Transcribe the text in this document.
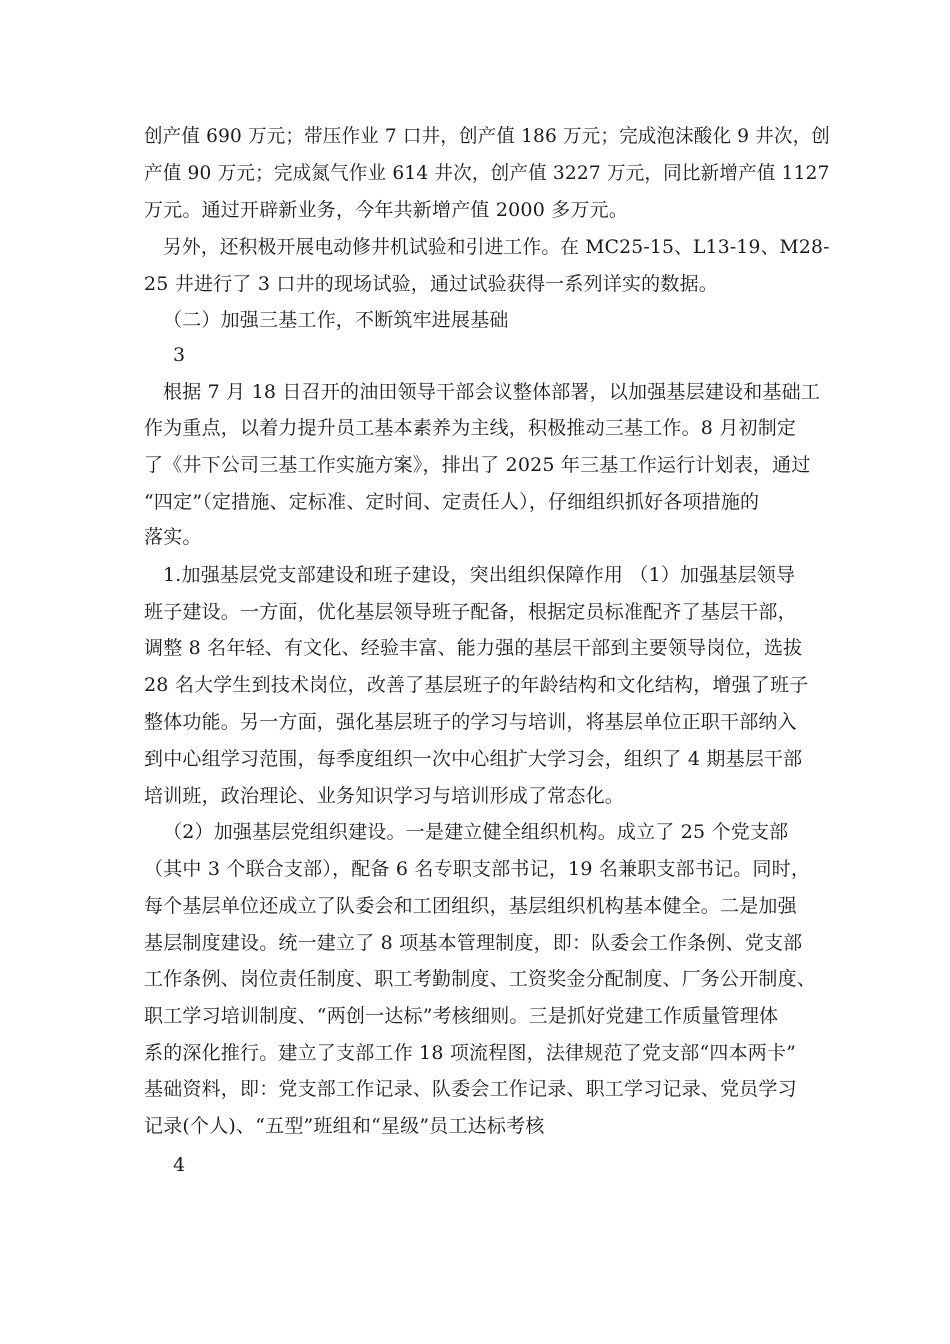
创产值 690 万元；带压作业 7 口井，创产值 186 万元；完成泡沫酸化 9 井次，创
产值 90 万元；完成氮气作业 614 井次，创产值 3227 万元，同比新增产值 1127
万元。通过开辟新业务，今年共新增产值 2000 多万元。
另外，还积极开展电动修井机试验和引进工作。在 MC25-15、L13-19、M28-
25 井进行了 3 口井的现场试验，通过试验获得一系列详实的数据。
（二）加强三基工作，不断筑牢进展基础
3
根据 7 月 18 日召开的油田领导干部会议整体部署，以加强基层建设和基础工
作为重点，以着力提升员工基本素养为主线，积极推动三基工作。8 月初制定
了《井下公司三基工作实施方案》，排出了 2025 年三基工作运行计划表，通过
“四定”（定措施、定标准、定时间、定责任人），仔细组织抓好各项措施的
落实。
1.加强基层党支部建设和班子建设，突出组织保障作用 （1）加强基层领导
班子建设。一方面，优化基层领导班子配备，根据定员标准配齐了基层干部，
调整 8 名年轻、有文化、经验丰富、能力强的基层干部到主要领导岗位，选拔
28 名大学生到技术岗位，改善了基层班子的年龄结构和文化结构，增强了班子
整体功能。另一方面，强化基层班子的学习与培训，将基层单位正职干部纳入
到中心组学习范围，每季度组织一次中心组扩大学习会，组织了 4 期基层干部
培训班，政治理论、业务知识学习与培训形成了常态化。
（2）加强基层党组织建设。一是建立健全组织机构。成立了 25 个党支部
（其中 3 个联合支部），配备 6 名专职支部书记，19 名兼职支部书记。同时，
每个基层单位还成立了队委会和工团组织，基层组织机构基本健全。二是加强
基层制度建设。统一建立了 8 项基本管理制度，即：队委会工作条例、党支部
工作条例、岗位责任制度、职工考勤制度、工资奖金分配制度、厂务公开制度、
职工学习培训制度、“两创一达标”考核细则。三是抓好党建工作质量管理体
系的深化推行。建立了支部工作 18 项流程图，法律规范了党支部“四本两卡”
基础资料，即：党支部工作记录、队委会工作记录、职工学习记录、党员学习
记录(个人)、“五型”班组和“星级”员工达标考核
4
